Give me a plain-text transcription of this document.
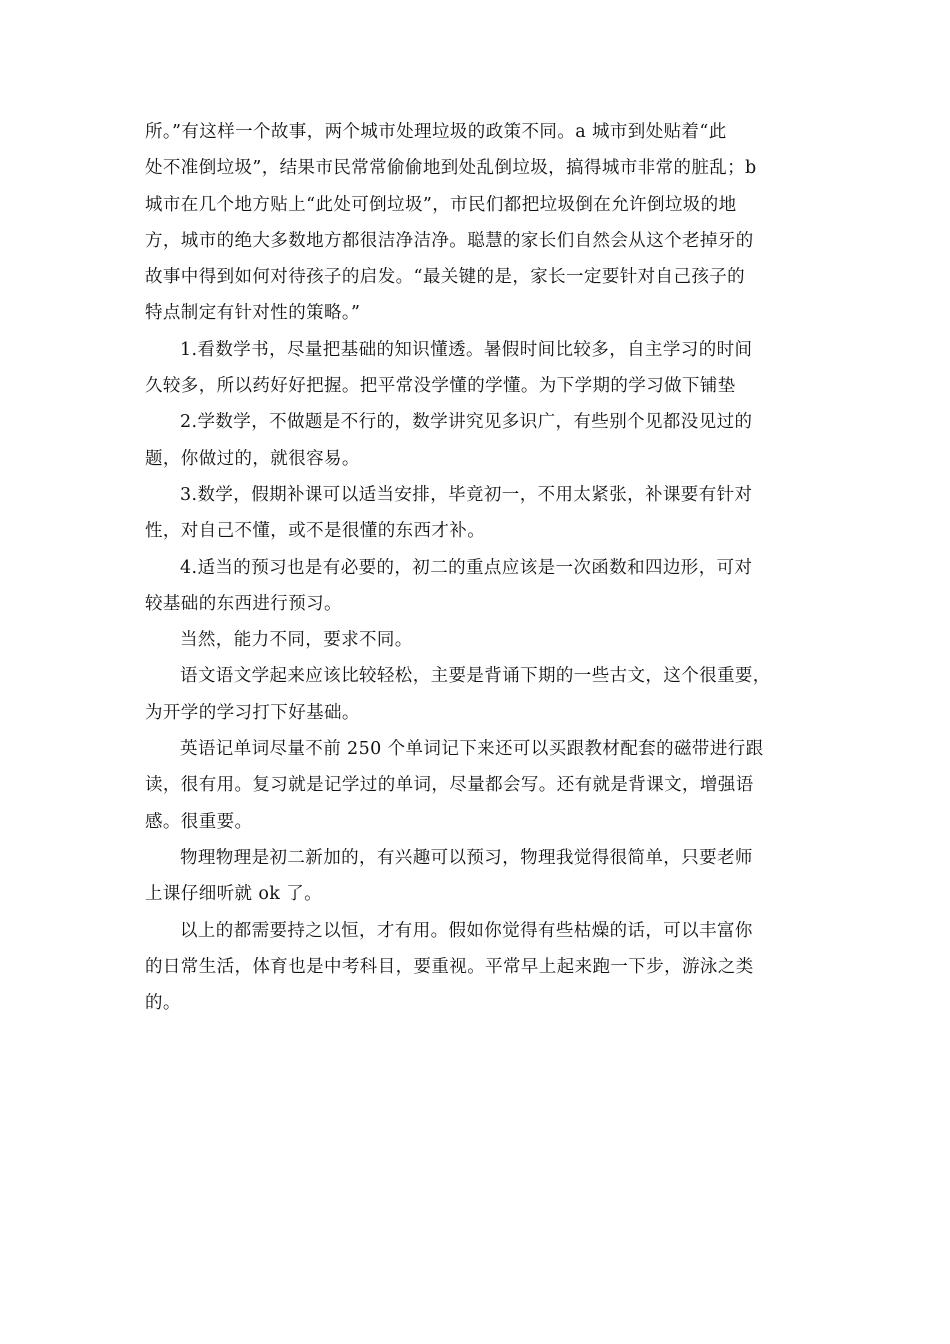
所。”有这样一个故事，两个城市处理垃圾的政策不同。a 城市到处贴着“此
处不准倒垃圾”，结果市民常常偷偷地到处乱倒垃圾，搞得城市非常的脏乱；b
城市在几个地方贴上“此处可倒垃圾”，市民们都把垃圾倒在允许倒垃圾的地
方，城市的绝大多数地方都很洁净洁净。聪慧的家长们自然会从这个老掉牙的
故事中得到如何对待孩子的启发。“最关键的是，家长一定要针对自己孩子的
特点制定有针对性的策略。”

1.看数学书，尽量把基础的知识懂透。暑假时间比较多，自主学习的时间
久较多，所以药好好把握。把平常没学懂的学懂。为下学期的学习做下铺垫

2.学数学，不做题是不行的，数学讲究见多识广，有些别个见都没见过的
题，你做过的，就很容易。

3.数学，假期补课可以适当安排，毕竟初一，不用太紧张，补课要有针对
性，对自己不懂，或不是很懂的东西才补。

4.适当的预习也是有必要的，初二的重点应该是一次函数和四边形，可对
较基础的东西进行预习。

当然，能力不同，要求不同。

语文语文学起来应该比较轻松，主要是背诵下期的一些古文，这个很重要，
为开学的学习打下好基础。

英语记单词尽量不前 250 个单词记下来还可以买跟教材配套的磁带进行跟
读，很有用。复习就是记学过的单词，尽量都会写。还有就是背课文，增强语
感。很重要。

物理物理是初二新加的，有兴趣可以预习，物理我觉得很简单，只要老师
上课仔细听就 ok 了。

以上的都需要持之以恒，才有用。假如你觉得有些枯燥的话，可以丰富你
的日常生活，体育也是中考科目，要重视。平常早上起来跑一下步，游泳之类
的。
